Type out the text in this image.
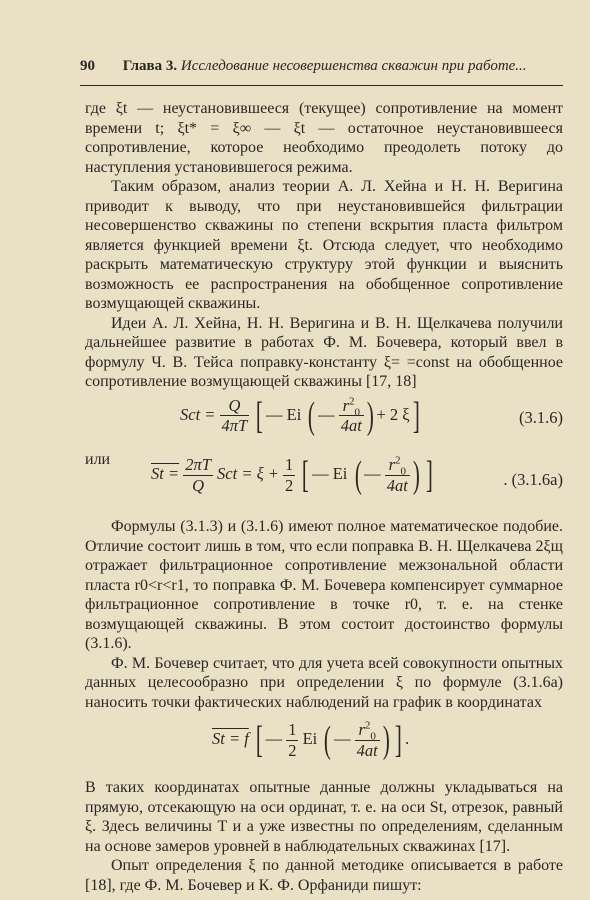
90 Глава 3. Исследование несовершенства скважин при работе...

где ξt — неустановившееся (текущее) сопротивление на момент времени t; ξt* = ξ∞ — ξt — остаточное неустановившееся сопротивление, которое необходимо преодолеть потоку до наступления установившегося режима.

Таким образом, анализ теории А. Л. Хейна и Н. Н. Веригина приводит к выводу, что при неустановившейся фильтрации несовершенство скважины по степени вскрытия пласта фильтром является функцией времени ξt. Отсюда следует, что необходимо раскрыть математическую структуру этой функции и выяснить возможность ее распространения на обобщенное сопротивление возмущающей скважины.

Идеи А. Л. Хейна, Н. Н. Веригина и В. Н. Щелкачева получили дальнейшее развитие в работах Ф. М. Бочевера, который ввел в формулу Ч. В. Тейса поправку-константу ξ= =const на обобщенное сопротивление возмущающей скважины [17, 18]

Sct = $\frac{Q}{4\pi T}$ [ — Ei ( — $\frac{r^2_0}{4at}$ ) + 2 ξ]	(3.1.6)

или

$St = \frac{2\pi T}{Q}$ Sct = $\xi + \frac{1}{2}$ [ — Ei ( — $\frac{r^2_0}{4at}$ ) ]	. (3.1.6a)

Формулы (3.1.3) и (3.1.6) имеют полное математическое подобие. Отличие состоит лишь в том, что если поправка В. Н. Щелкачева 2ξщ отражает фильтрационное сопротивление межзональной области пласта r0<r<r1, то поправка Ф. М. Бочевера компенсирует суммарное фильтрационное сопротивление в точке r0, т. е. на стенке возмущающей скважины. В этом состоит достоинство формулы (3.1.6).

Ф. М. Бочевер считает, что для учета всей совокупности опытных данных целесообразно при определении ξ по формуле (3.1.6а) наносить точки фактических наблюдений на график в координатах

St = f [ — $\frac{1}{2}$ Ei ( — $\frac{r^2_0}{4at}$ ) ] .

В таких координатах опытные данные должны укладываться на прямую, отсекающую на оси ординат, т. е. на оси St, отрезок, равный ξ. Здесь величины T и a уже известны по определениям, сделанным на основе замеров уровней в наблюдательных скважинах [17].

Опыт определения ξ по данной методике описывается в работе [18], где Ф. М. Бочевер и К. Ф. Орфаниди пишут:
